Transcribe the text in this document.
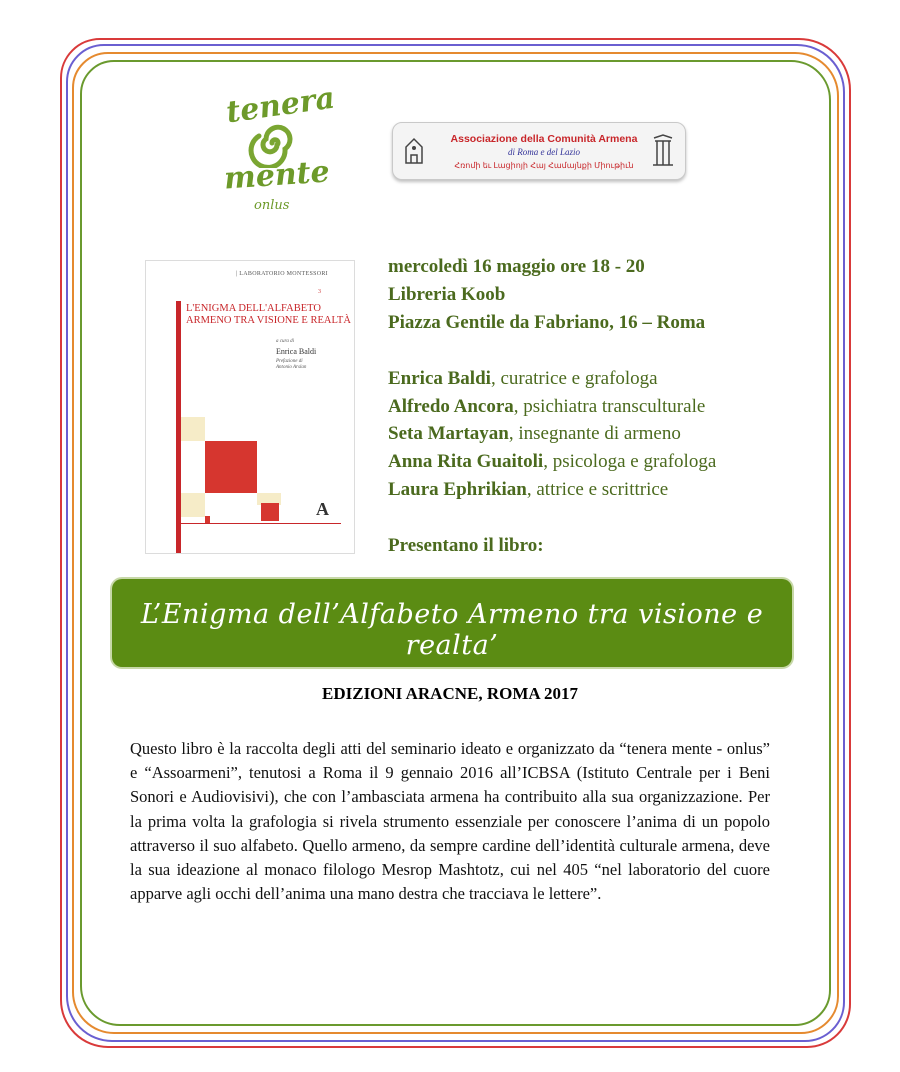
tenera
mente
onlus
Associazione della Comunità Armena
di Roma e del Lazio
Հռոմի եւ Լացիոյի Հայ Համայնքի Միութիւն
| LABORATORIO MONTESSORI
3
L'ENIGMA DELL'ALFABETO
ARMENO TRA VISIONE E REALTÀ
a cura di
Enrica Baldi
Prefazione di
Antonio Arslan
A
mercoledì 16 maggio ore 18 - 20
Libreria Koob
Piazza Gentile da Fabriano, 16 – Roma
Enrica Baldi, curatrice e grafologa
Alfredo Ancora, psichiatra transculturale
Seta Martayan, insegnante di armeno
Anna Rita Guaitoli, psicologa e grafologa
Laura Ephrikian, attrice e scrittrice
Presentano il libro:
L’Enigma dell’Alfabeto Armeno tra visione e realta’
EDIZIONI ARACNE, ROMA 2017
Questo libro è la raccolta degli atti del seminario ideato e organizzato da “tenera mente - onlus” e “Assoarmeni”, tenutosi a Roma il 9 gennaio 2016 all’ICBSA (Istituto Centrale per i Beni Sonori e Audiovisivi), che con l’ambasciata armena ha contribuito alla sua organizzazione. Per la prima volta la grafologia si rivela strumento essenziale per conoscere l’anima di un popolo attraverso il suo alfabeto. Quello armeno, da sempre cardine dell’identità culturale armena, deve la sua ideazione al monaco filologo Mesrop Mashtotz, cui nel 405 “nel laboratorio del cuore apparve agli occhi dell’anima una mano destra che tracciava le lettere”.
